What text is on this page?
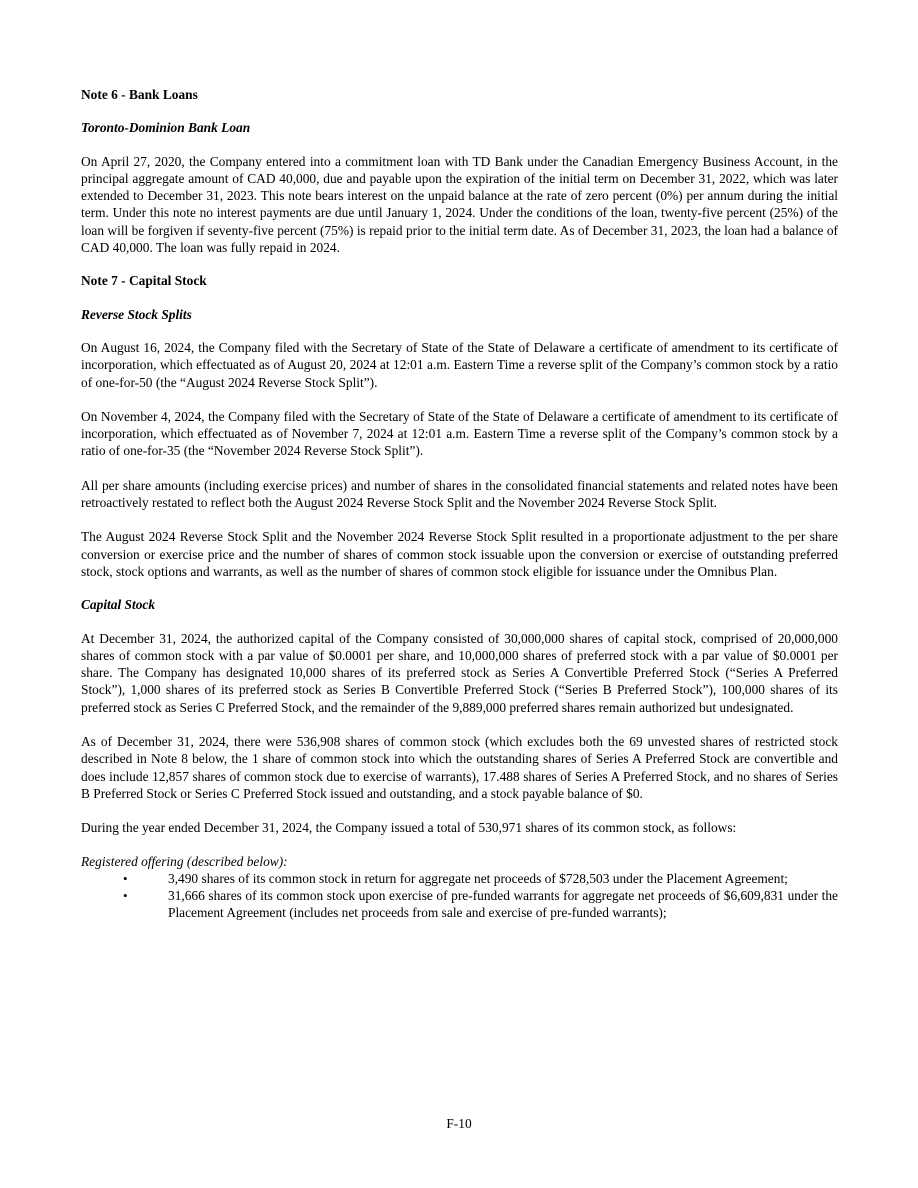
Note 6 - Bank Loans

Toronto-Dominion Bank Loan

On April 27, 2020, the Company entered into a commitment loan with TD Bank under the Canadian Emergency Business Account, in the principal aggregate amount of CAD 40,000, due and payable upon the expiration of the initial term on December 31, 2022, which was later extended to December 31, 2023. This note bears interest on the unpaid balance at the rate of zero percent (0%) per annum during the initial term. Under this note no interest payments are due until January 1, 2024. Under the conditions of the loan, twenty-five percent (25%) of the loan will be forgiven if seventy-five percent (75%) is repaid prior to the initial term date. As of December 31, 2023, the loan had a balance of CAD 40,000. The loan was fully repaid in 2024.

Note 7 - Capital Stock

Reverse Stock Splits

On August 16, 2024, the Company filed with the Secretary of State of the State of Delaware a certificate of amendment to its certificate of incorporation, which effectuated as of August 20, 2024 at 12:01 a.m. Eastern Time a reverse split of the Company’s common stock by a ratio of one-for-50 (the “August 2024 Reverse Stock Split”).

On November 4, 2024, the Company filed with the Secretary of State of the State of Delaware a certificate of amendment to its certificate of incorporation, which effectuated as of November 7, 2024 at 12:01 a.m. Eastern Time a reverse split of the Company’s common stock by a ratio of one-for-35 (the “November 2024 Reverse Stock Split”).

All per share amounts (including exercise prices) and number of shares in the consolidated financial statements and related notes have been retroactively restated to reflect both the August 2024 Reverse Stock Split and the November 2024 Reverse Stock Split.

The August 2024 Reverse Stock Split and the November 2024 Reverse Stock Split resulted in a proportionate adjustment to the per share conversion or exercise price and the number of shares of common stock issuable upon the conversion or exercise of outstanding preferred stock, stock options and warrants, as well as the number of shares of common stock eligible for issuance under the Omnibus Plan.

Capital Stock

At December 31, 2024, the authorized capital of the Company consisted of 30,000,000 shares of capital stock, comprised of 20,000,000 shares of common stock with a par value of $0.0001 per share, and 10,000,000 shares of preferred stock with a par value of $0.0001 per share. The Company has designated 10,000 shares of its preferred stock as Series A Convertible Preferred Stock (“Series A Preferred Stock”), 1,000 shares of its preferred stock as Series B Convertible Preferred Stock (“Series B Preferred Stock”), 100,000 shares of its preferred stock as Series C Preferred Stock, and the remainder of the 9,889,000 preferred shares remain authorized but undesignated.

As of December 31, 2024, there were 536,908 shares of common stock (which excludes both the 69 unvested shares of restricted stock described in Note 8 below, the 1 share of common stock into which the outstanding shares of Series A Preferred Stock are convertible and does include 12,857 shares of common stock due to exercise of warrants), 17.488 shares of Series A Preferred Stock, and no shares of Series B Preferred Stock or Series C Preferred Stock issued and outstanding, and a stock payable balance of $0.

During the year ended December 31, 2024, the Company issued a total of 530,971 shares of its common stock, as follows:

Registered offering (described below):

•	3,490 shares of its common stock in return for aggregate net proceeds of $728,503 under the Placement Agreement;
•	31,666 shares of its common stock upon exercise of pre-funded warrants for aggregate net proceeds of $6,609,831 under the Placement Agreement (includes net proceeds from sale and exercise of pre-funded warrants);
F-10
